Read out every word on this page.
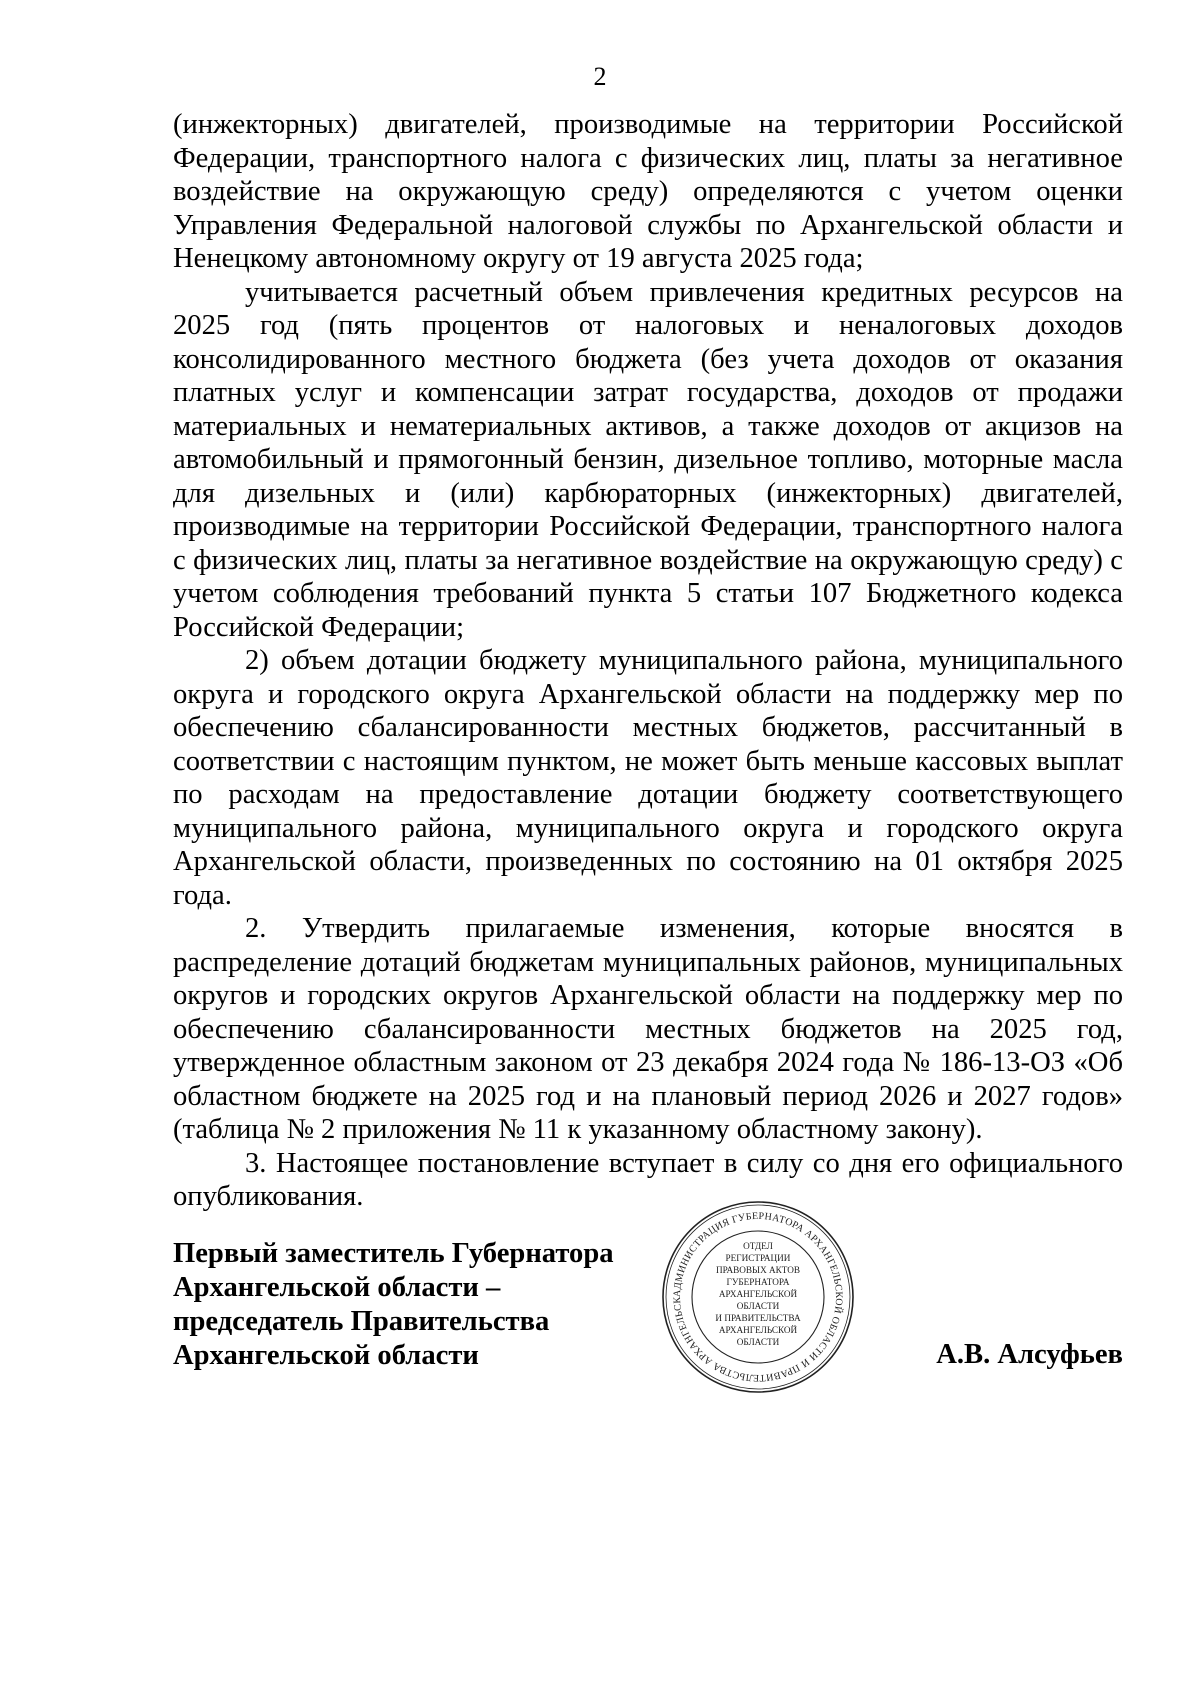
2

(инжекторных) двигателей, производимые на территории Российской Федерации, транспортного налога с физических лиц, платы за негативное воздействие на окружающую среду) определяются с учетом оценки Управления Федеральной налоговой службы по Архангельской области и Ненецкому автономному округу от 19 августа 2025 года;

учитывается расчетный объем привлечения кредитных ресурсов на 2025 год (пять процентов от налоговых и неналоговых доходов консолидированного местного бюджета (без учета доходов от оказания платных услуг и компенсации затрат государства, доходов от продажи материальных и нематериальных активов, а также доходов от акцизов на автомобильный и прямогонный бензин, дизельное топливо, моторные масла для дизельных и (или) карбюраторных (инжекторных) двигателей, производимые на территории Российской Федерации, транспортного налога с физических лиц, платы за негативное воздействие на окружающую среду) с учетом соблюдения требований пункта 5 статьи 107 Бюджетного кодекса Российской Федерации;

2) объем дотации бюджету муниципального района, муниципального округа и городского округа Архангельской области на поддержку мер по обеспечению сбалансированности местных бюджетов, рассчитанный в соответствии с настоящим пунктом, не может быть меньше кассовых выплат по расходам на предоставление дотации бюджету соответствующего муниципального района, муниципального округа и городского округа Архангельской области, произведенных по состоянию на 01 октября 2025 года.

2. Утвердить прилагаемые изменения, которые вносятся в распределение дотаций бюджетам муниципальных районов, муниципальных округов и городских округов Архангельской области на поддержку мер по обеспечению сбалансированности местных бюджетов на 2025 год, утвержденное областным законом от 23 декабря 2024 года № 186-13-ОЗ «Об областном бюджете на 2025 год и на плановый период 2026 и 2027 годов» (таблица № 2 приложения № 11 к указанному областному закону).

3. Настоящее постановление вступает в силу со дня его официального опубликования.

Первый заместитель Губернатора
Архангельской области –
председатель Правительства
Архангельской области
АДМИНИСТРАЦИЯ ГУБЕРНАТОРА АРХАНГЕЛЬСКОЙ ОБЛАСТИ И ПРАВИТЕЛЬСТВА АРХАНГЕЛЬСК
ОТДЕЛ
РЕГИСТРАЦИИ
ПРАВОВЫХ АКТОВ
ГУБЕРНАТОРА
АРХАНГЕЛЬСКОЙ
ОБЛАСТИ
И ПРАВИТЕЛЬСТВА
АРХАНГЕЛЬСКОЙ
ОБЛАСТИ	А.В. Алсуфьев
